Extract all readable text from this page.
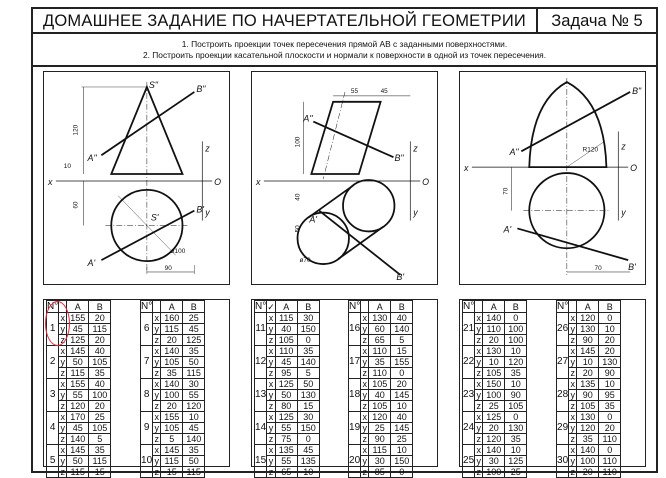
ДОМАШНЕЕ ЗАДАНИЕ ПО НАЧЕРТАТЕЛЬНОЙ ГЕОМЕТРИИ	Задача № 5
1. Построить проекции точек пересечения прямой АВ с заданными поверхностями.
2. Построить проекции касательной плоскости и нормали к поверхности в одной из точек пересечения.
x	O
z
y
S"	B"
A"
120
10
60
S'
B'
A'
ø100
90
x	O
z
y
A"
B"
55	45
100
40
50
A'
B'
ø70
x	O
z
y
B"
A"	R120
A'
B'
70
70
N°		A	B
1	x	155	20
	y	45	115
	z	125	20
2	x	145	40
	y	50	105
	z	115	35
3	x	155	40
	y	55	100
	z	120	20
4	x	170	25
	y	45	105
	z	140	5
5	x	145	35
	y	50	115
	z	115	15
N°		A	B
6	x	160	25
	y	115	45
	z	20	125
7	x	140	35
	y	105	50
	z	35	115
8	x	140	30
	y	100	55
	z	20	120
9	x	155	10
	y	105	45
	z	5	140
10	x	145	35
	y	115	50
	z	15	115
N°	✓	A	B
11	x	115	30
	y	40	150
	z	105	0
12	x	110	35
	y	45	140
	z	95	5
13	x	125	50
	y	50	130
	z	80	15
14	x	125	30
	y	55	150
	z	75	0
15	x	135	45
	y	55	135
	z	65	10
N°		A	B
16	x	130	40
	y	60	140
	z	65	5
17	x	110	15
	y	35	155
	z	110	0
18	x	105	20
	y	40	145
	z	105	10
19	x	120	40
	y	25	145
	z	90	25
20	x	115	10
	y	30	150
	z	85	0
N°		A	B
21	x	140	0
	y	110	100
	z	20	100
22	x	130	10
	y	10	120
	z	105	35
23	x	150	10
	y	100	90
	z	25	105
24	x	125	0
	y	20	130
	z	120	35
25	x	140	10
	y	30	125
	z	100	25
N°		A	B
26	x	120	0
	y	130	10
	z	90	20
27	x	145	20
	y	10	130
	z	20	90
28	x	135	10
	y	90	95
	z	105	35
29	x	130	0
	y	120	20
	z	35	110
30	x	140	0
	y	100	110
	z	20	110
